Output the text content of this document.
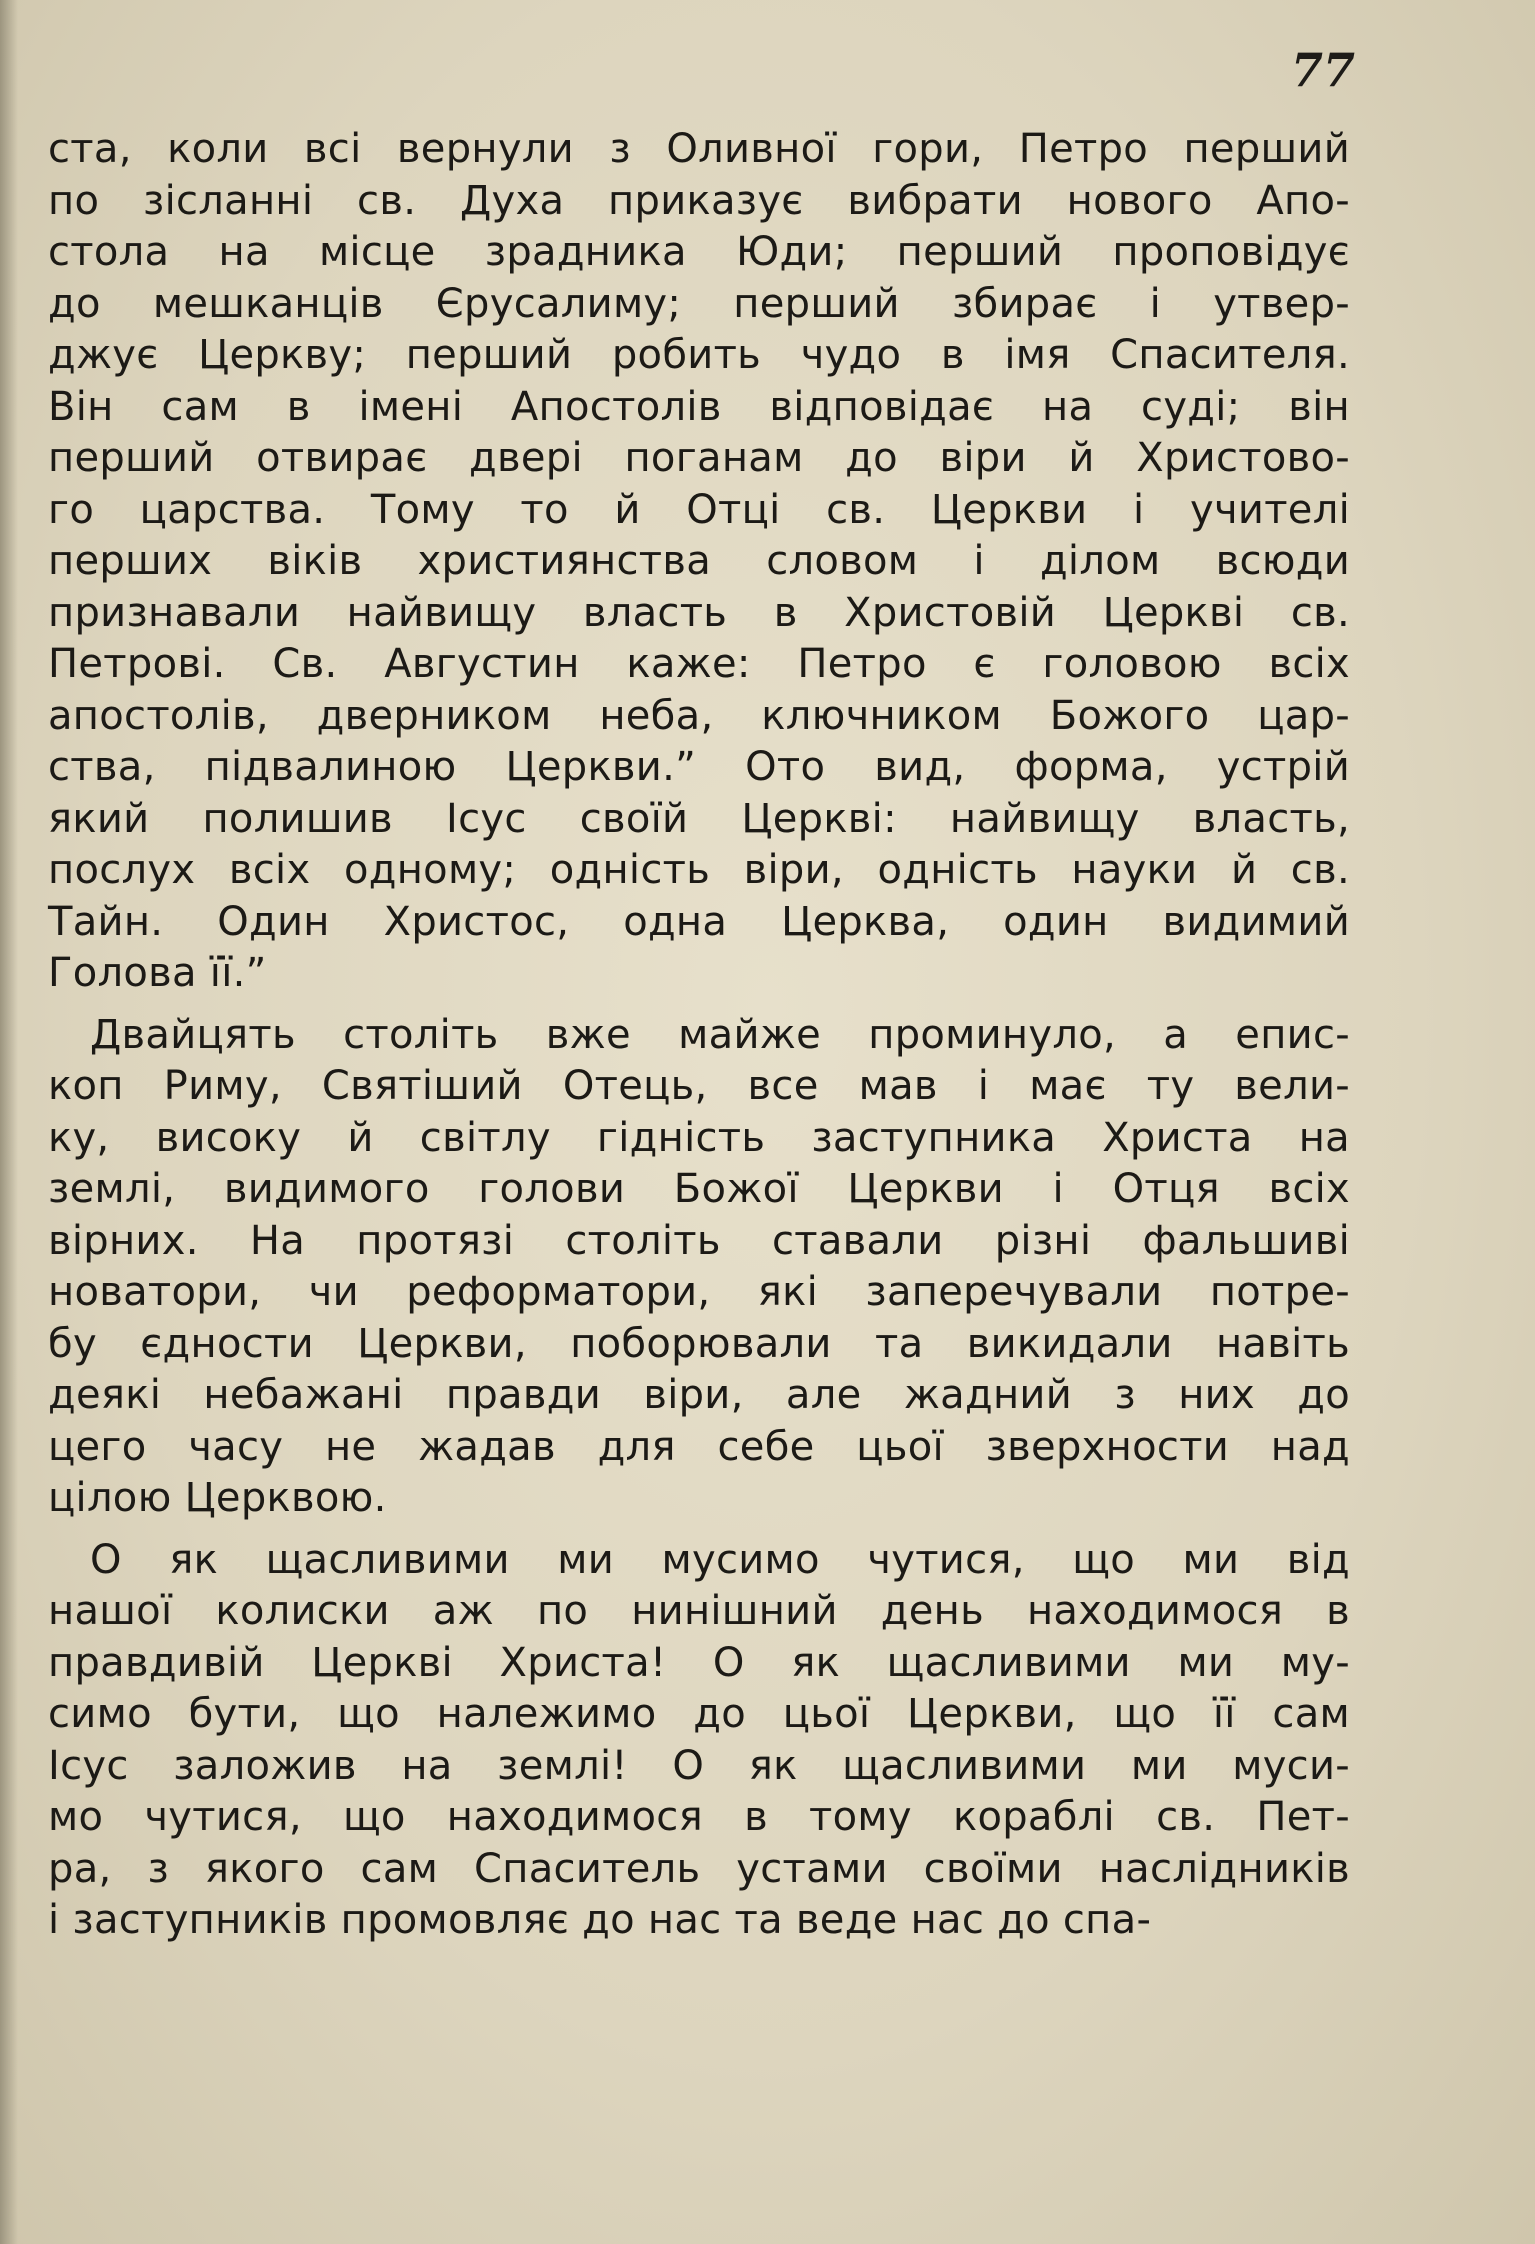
77
ста, коли всі вернули з Оливної гори, Петро перший
по зісланні св. Духа приказує вибрати нового Апо-
стола на місце зрадника Юди; перший проповідує
до мешканців Єрусалиму; перший збирає і утвер-
джує Церкву; перший робить чудо в імя Спасителя.
Він сам в імені Апостолів відповідає на суді; він
перший отвирає двері поганам до віри й Христово-
го царства. Тому то й Отці св. Церкви і учителі
перших віків християнства словом і ділом всюди
признавали найвищу власть в Христовій Церкві св.
Петрові. Св. Августин каже: Петро є головою всіх
апостолів, дверником неба, ключником Божого цар-
ства, підвалиною Церкви.” Ото вид, форма, устрій
який полишив Ісус своїй Церкві: найвищу власть,
послух всіх одному; одність віри, одність науки й св.
Тайн. Один Христос, одна Церква, один видимий
Голова її.”
Двайцять століть вже майже проминуло, а епис-
коп Риму, Святіший Отець, все мав і має ту вели-
ку, високу й світлу гідність заступника Христа на
землі, видимого голови Божої Церкви і Отця всіх
вірних. На протязі століть ставали різні фальшиві
новатори, чи реформатори, які заперечували потре-
бу єдности Церкви, поборювали та викидали навіть
деякі небажані правди віри, але жадний з них до
цего часу не жадав для себе цьої зверхности над
цілою Церквою.
О як щасливими ми мусимо чутися, що ми від
нашої колиски аж по нинішний день находимося в
правдивій Церкві Христа! О як щасливими ми му-
симо бути, що належимо до цьої Церкви, що її сам
Ісус заложив на землі! О як щасливими ми муси-
мо чутися, що находимося в тому кораблі св. Пет-
ра, з якого сам Спаситель устами своїми наслідників
і заступників промовляє до нас та веде нас до спа-
